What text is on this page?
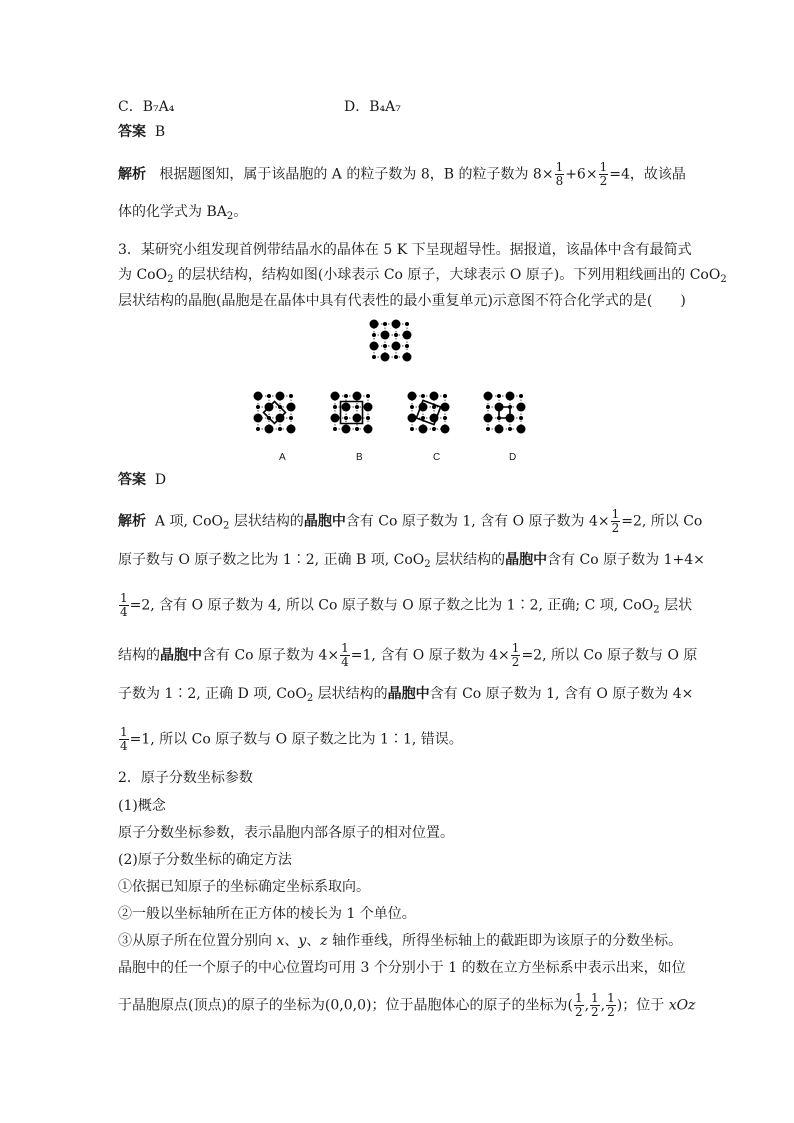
C．B₇A₄	D．B₄A₇
答案 B
解析 根据题图知，属于该晶胞的 A 的粒子数为 8，B 的粒子数为 $8\times \frac{1}{8} +6\times \frac{1}{2} =4$，故该晶
体的化学式为 $BA_2$。
3．某研究小组发现首例带结晶水的晶体在 5 K 下呈现超导性。据报道，该晶体中含有最简式
为 CoO$_2$ 的层状结构，结构如图(小球表示 Co 原子，大球表示 O 原子)。下列用粗线画出的 CoO$_2$
层状结构的晶胞(晶胞是在晶体中具有代表性的最小重复单元)示意图不符合化学式的是(　　)
A	B	C	D
答案 D
解析 A 项, CoO$_2$ 层状结构的晶胞中含有 Co 原子数为 1, 含有 O 原子数为 $4\times \frac{1}{2} =2$, 所以 Co
原子数与 O 原子数之比为 1∶2, 正确 B 项, CoO$_2$ 层状结构的晶胞中含有 Co 原子数为 1+4×
$\frac{1}{4} =2$, 含有 O 原子数为 4, 所以 Co 原子数与 O 原子数之比为 1∶2, 正确; C 项, CoO$_2$ 层状
结构的晶胞中含有 Co 原子数为 $4\times \frac{1}{4} =1$, 含有 O 原子数为 $4\times \frac{1}{2} =2$, 所以 Co 原子数与 O 原
子数为 1∶2, 正确 D 项, CoO$_2$ 层状结构的晶胞中含有 Co 原子数为 1, 含有 O 原子数为 4×
$\frac{1}{4} =1$, 所以 Co 原子数与 O 原子数之比为 1∶1, 错误。
2．原子分数坐标参数
(1)概念
原子分数坐标参数，表示晶胞内部各原子的相对位置。
(2)原子分数坐标的确定方法
①依据已知原子的坐标确定坐标系取向。
②一般以坐标轴所在正方体的棱长为 1 个单位。
③从原子所在位置分别向 x、y、z 轴作垂线，所得坐标轴上的截距即为该原子的分数坐标。
晶胞中的任一个原子的中心位置均可用 3 个分别小于 1 的数在立方坐标系中表示出来，如位
于晶胞原点(顶点)的原子的坐标为(0,0,0)；位于晶胞体心的原子的坐标为( $\frac{1}{2}$ , $\frac{1}{2}$ , $\frac{1}{2}$ )；位于 xOz
